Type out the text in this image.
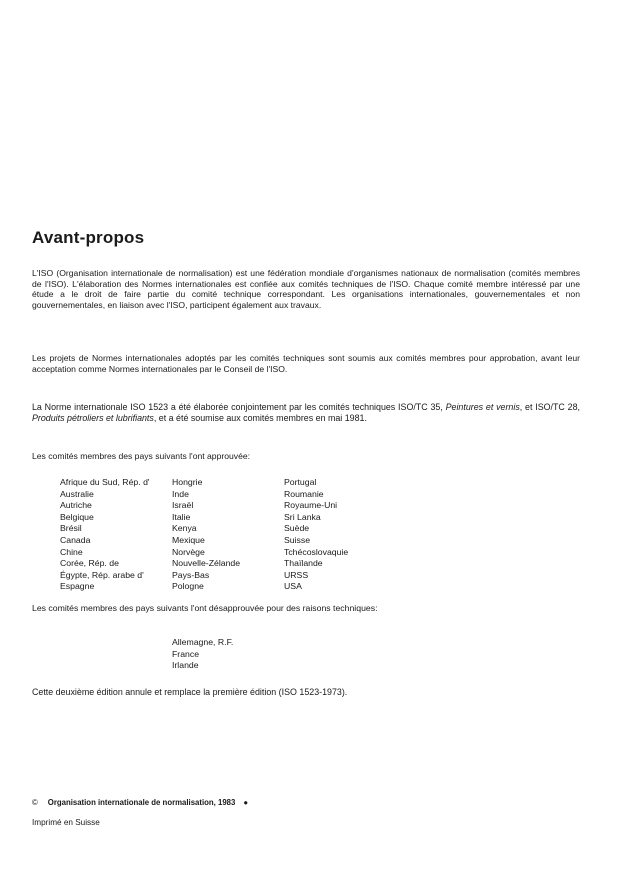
Avant-propos

L'ISO (Organisation internationale de normalisation) est une fédération mondiale d'organismes nationaux de normalisation (comités membres de l'ISO). L'élaboration des Normes internationales est confiée aux comités techniques de l'ISO. Chaque comité membre intéressé par une étude a le droit de faire partie du comité technique correspondant. Les organisations internationales, gouvernementales et non gouvernementales, en liaison avec l'ISO, participent également aux travaux.

Les projets de Normes internationales adoptés par les comités techniques sont soumis aux comités membres pour approbation, avant leur acceptation comme Normes internationales par le Conseil de l'ISO.

La Norme internationale ISO 1523 a été élaborée conjointement par les comités techniques ISO/TC 35, Peintures et vernis, et ISO/TC 28, Produits pétroliers et lubrifiants, et a été soumise aux comités membres en mai 1981.

Les comités membres des pays suivants l'ont approuvée:

Afrique du Sud, Rép. d'
Australie
Autriche
Belgique
Brésil
Canada
Chine
Corée, Rép. de
Égypte, Rép. arabe d'
Espagne
Hongrie
Inde
Israël
Italie
Kenya
Mexique
Norvège
Nouvelle-Zélande
Pays-Bas
Pologne
Portugal
Roumanie
Royaume-Uni
Sri Lanka
Suède
Suisse
Tchécoslovaquie
Thaïlande
URSS
USA

Les comités membres des pays suivants l'ont désapprouvée pour des raisons techniques:

Allemagne, R.F.
France
Irlande

Cette deuxième édition annule et remplace la première édition (ISO 1523-1973).

© Organisation internationale de normalisation, 1983 ●
Imprimé en Suisse
